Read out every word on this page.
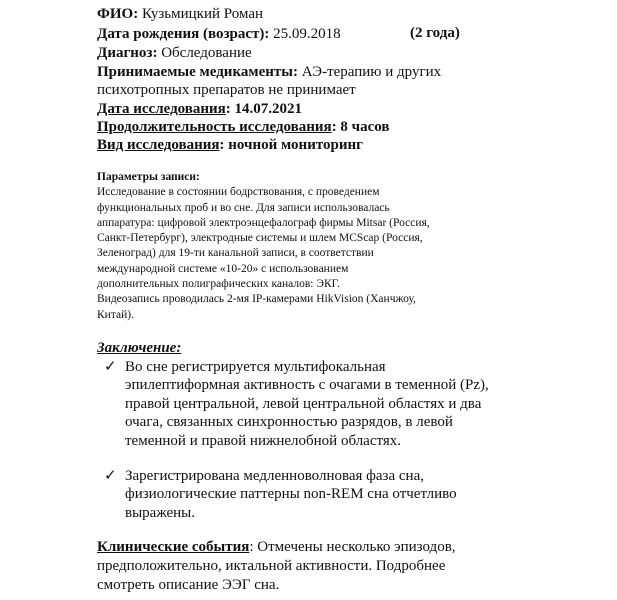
ФИО: Кузьмицкий Роман
Дата рождения (возраст): 25.09.2018	(2 года)
Диагноз: Обследование
Принимаемые медикаменты: АЭ-терапию и других
психотропных препаратов не принимает
Дата исследования: 14.07.2021
Продолжительность исследования: 8 часов
Вид исследования: ночной мониторинг
Параметры записи:
Исследование в состоянии бодрствования, с проведением
функциональных проб и во сне. Для записи использовалась
аппаратура: цифровой электроэнцефалограф фирмы Mitsar (Россия,
Санкт-Петербург), электродные системы и шлем MCScap (Россия,
Зеленоград) для 19-ти канальной записи, в соответствии
международной системе «10-20» с использованием
дополнительных полиграфических каналов: ЭКГ.
Видеозапись проводилась 2-мя IP-камерами HikVision (Ханчжоу,
Китай).
Заключение:
✓ Во сне регистрируется мультифокальная эпилептиформная активность с очагами в теменной (Pz), правой центральной, левой центральной областях и два очага, связанных синхронностью разрядов, в левой теменной и правой нижнелобной областях.
✓ Зарегистрирована медленноволновая фаза сна, физиологические паттерны non-REM сна отчетливо выражены.
Клинические события: Отмечены несколько эпизодов, предположительно, иктальной активности. Подробнее смотреть описание ЭЭГ сна.
